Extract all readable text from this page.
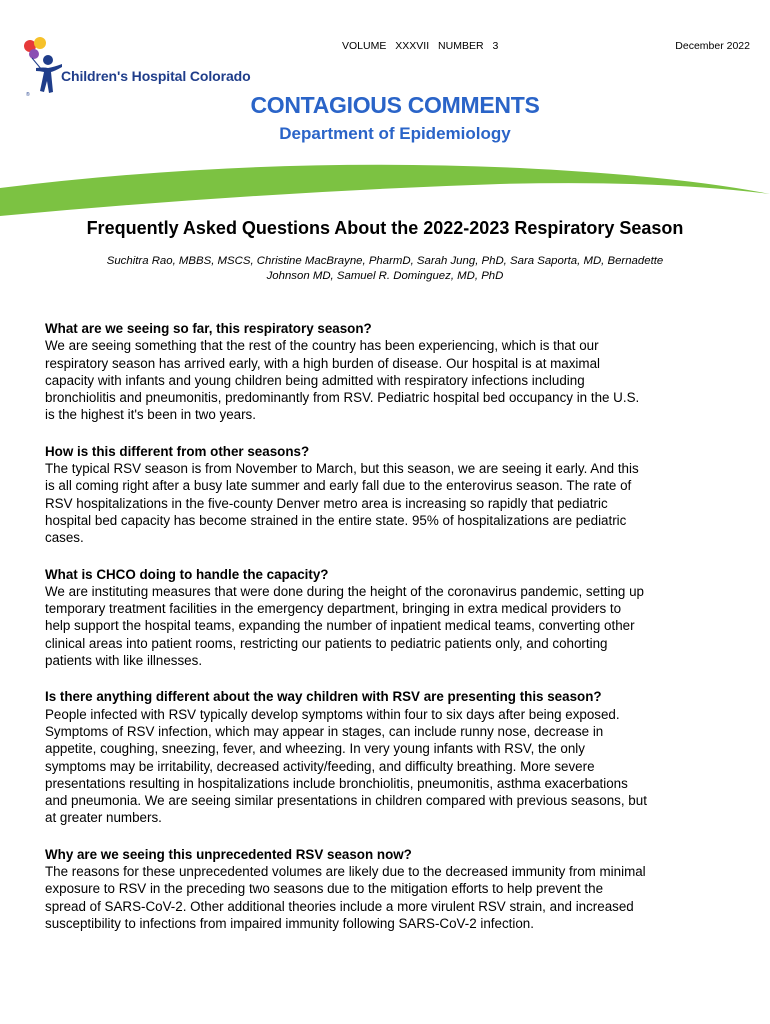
®
Children's Hospital Colorado
VOLUME XXXVII NUMBER 3	December 2022
CONTAGIOUS COMMENTS
Department of Epidemiology
Frequently Asked Questions About the 2022-2023 Respiratory Season
Suchitra Rao, MBBS, MSCS, Christine MacBrayne, PharmD, Sarah Jung, PhD, Sara Saporta, MD, Bernadette
Johnson MD, Samuel R. Dominguez, MD, PhD
What are we seeing so far, this respiratory season?
We are seeing something that the rest of the country has been experiencing, which is that our
respiratory season has arrived early, with a high burden of disease. Our hospital is at maximal
capacity with infants and young children being admitted with respiratory infections including
bronchiolitis and pneumonitis, predominantly from RSV. Pediatric hospital bed occupancy in the U.S.
is the highest it's been in two years.
How is this different from other seasons?
The typical RSV season is from November to March, but this season, we are seeing it early. And this
is all coming right after a busy late summer and early fall due to the enterovirus season. The rate of
RSV hospitalizations in the five-county Denver metro area is increasing so rapidly that pediatric
hospital bed capacity has become strained in the entire state. 95% of hospitalizations are pediatric
cases.
What is CHCO doing to handle the capacity?
We are instituting measures that were done during the height of the coronavirus pandemic, setting up
temporary treatment facilities in the emergency department, bringing in extra medical providers to
help support the hospital teams, expanding the number of inpatient medical teams, converting other
clinical areas into patient rooms, restricting our patients to pediatric patients only, and cohorting
patients with like illnesses.
Is there anything different about the way children with RSV are presenting this season?
People infected with RSV typically develop symptoms within four to six days after being exposed.
Symptoms of RSV infection, which may appear in stages, can include runny nose, decrease in
appetite, coughing, sneezing, fever, and wheezing. In very young infants with RSV, the only
symptoms may be irritability, decreased activity/feeding, and difficulty breathing. More severe
presentations resulting in hospitalizations include bronchiolitis, pneumonitis, asthma exacerbations
and pneumonia. We are seeing similar presentations in children compared with previous seasons, but
at greater numbers.
Why are we seeing this unprecedented RSV season now?
The reasons for these unprecedented volumes are likely due to the decreased immunity from minimal
exposure to RSV in the preceding two seasons due to the mitigation efforts to help prevent the
spread of SARS-CoV-2. Other additional theories include a more virulent RSV strain, and increased
susceptibility to infections from impaired immunity following SARS-CoV-2 infection.
